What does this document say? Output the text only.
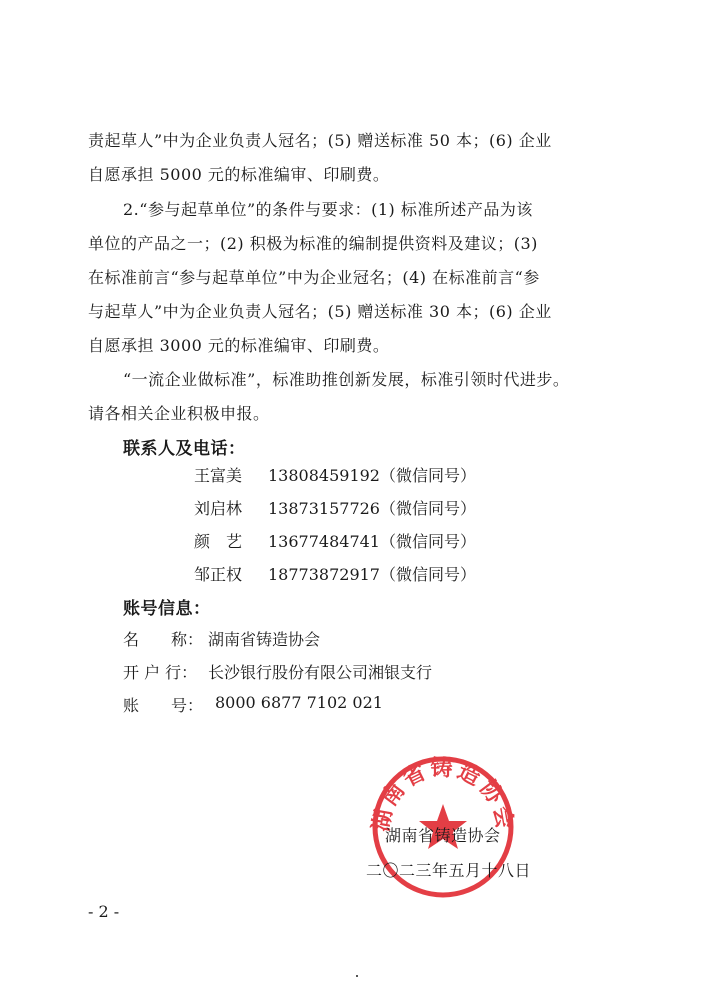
责起草人”中为企业负责人冠名；(5) 赠送标准 50 本；(6) 企业
自愿承担 5000 元的标准编审、印刷费。
2.“参与起草单位”的条件与要求：(1) 标准所述产品为该
单位的产品之一；(2) 积极为标准的编制提供资料及建议；(3)
在标准前言“参与起草单位”中为企业冠名；(4) 在标准前言“参
与起草人”中为企业负责人冠名；(5) 赠送标准 30 本；(6) 企业
自愿承担 3000 元的标准编审、印刷费。
“一流企业做标准”，标准助推创新发展，标准引领时代进步。
请各相关企业积极申报。
联系人及电话：
王富美 13808459192（微信同号）
刘启林 13873157726（微信同号）
颜　艺 13677484741（微信同号）
邹正权 18773872917（微信同号）
账号信息：
名　　称： 湖南省铸造协会
开 户 行： 长沙银行股份有限公司湘银支行
账　　号： 8000 6877 7102 021
湖南省铸造协会
湖南省铸造协会
二〇二三年五月十八日
- 2 -
